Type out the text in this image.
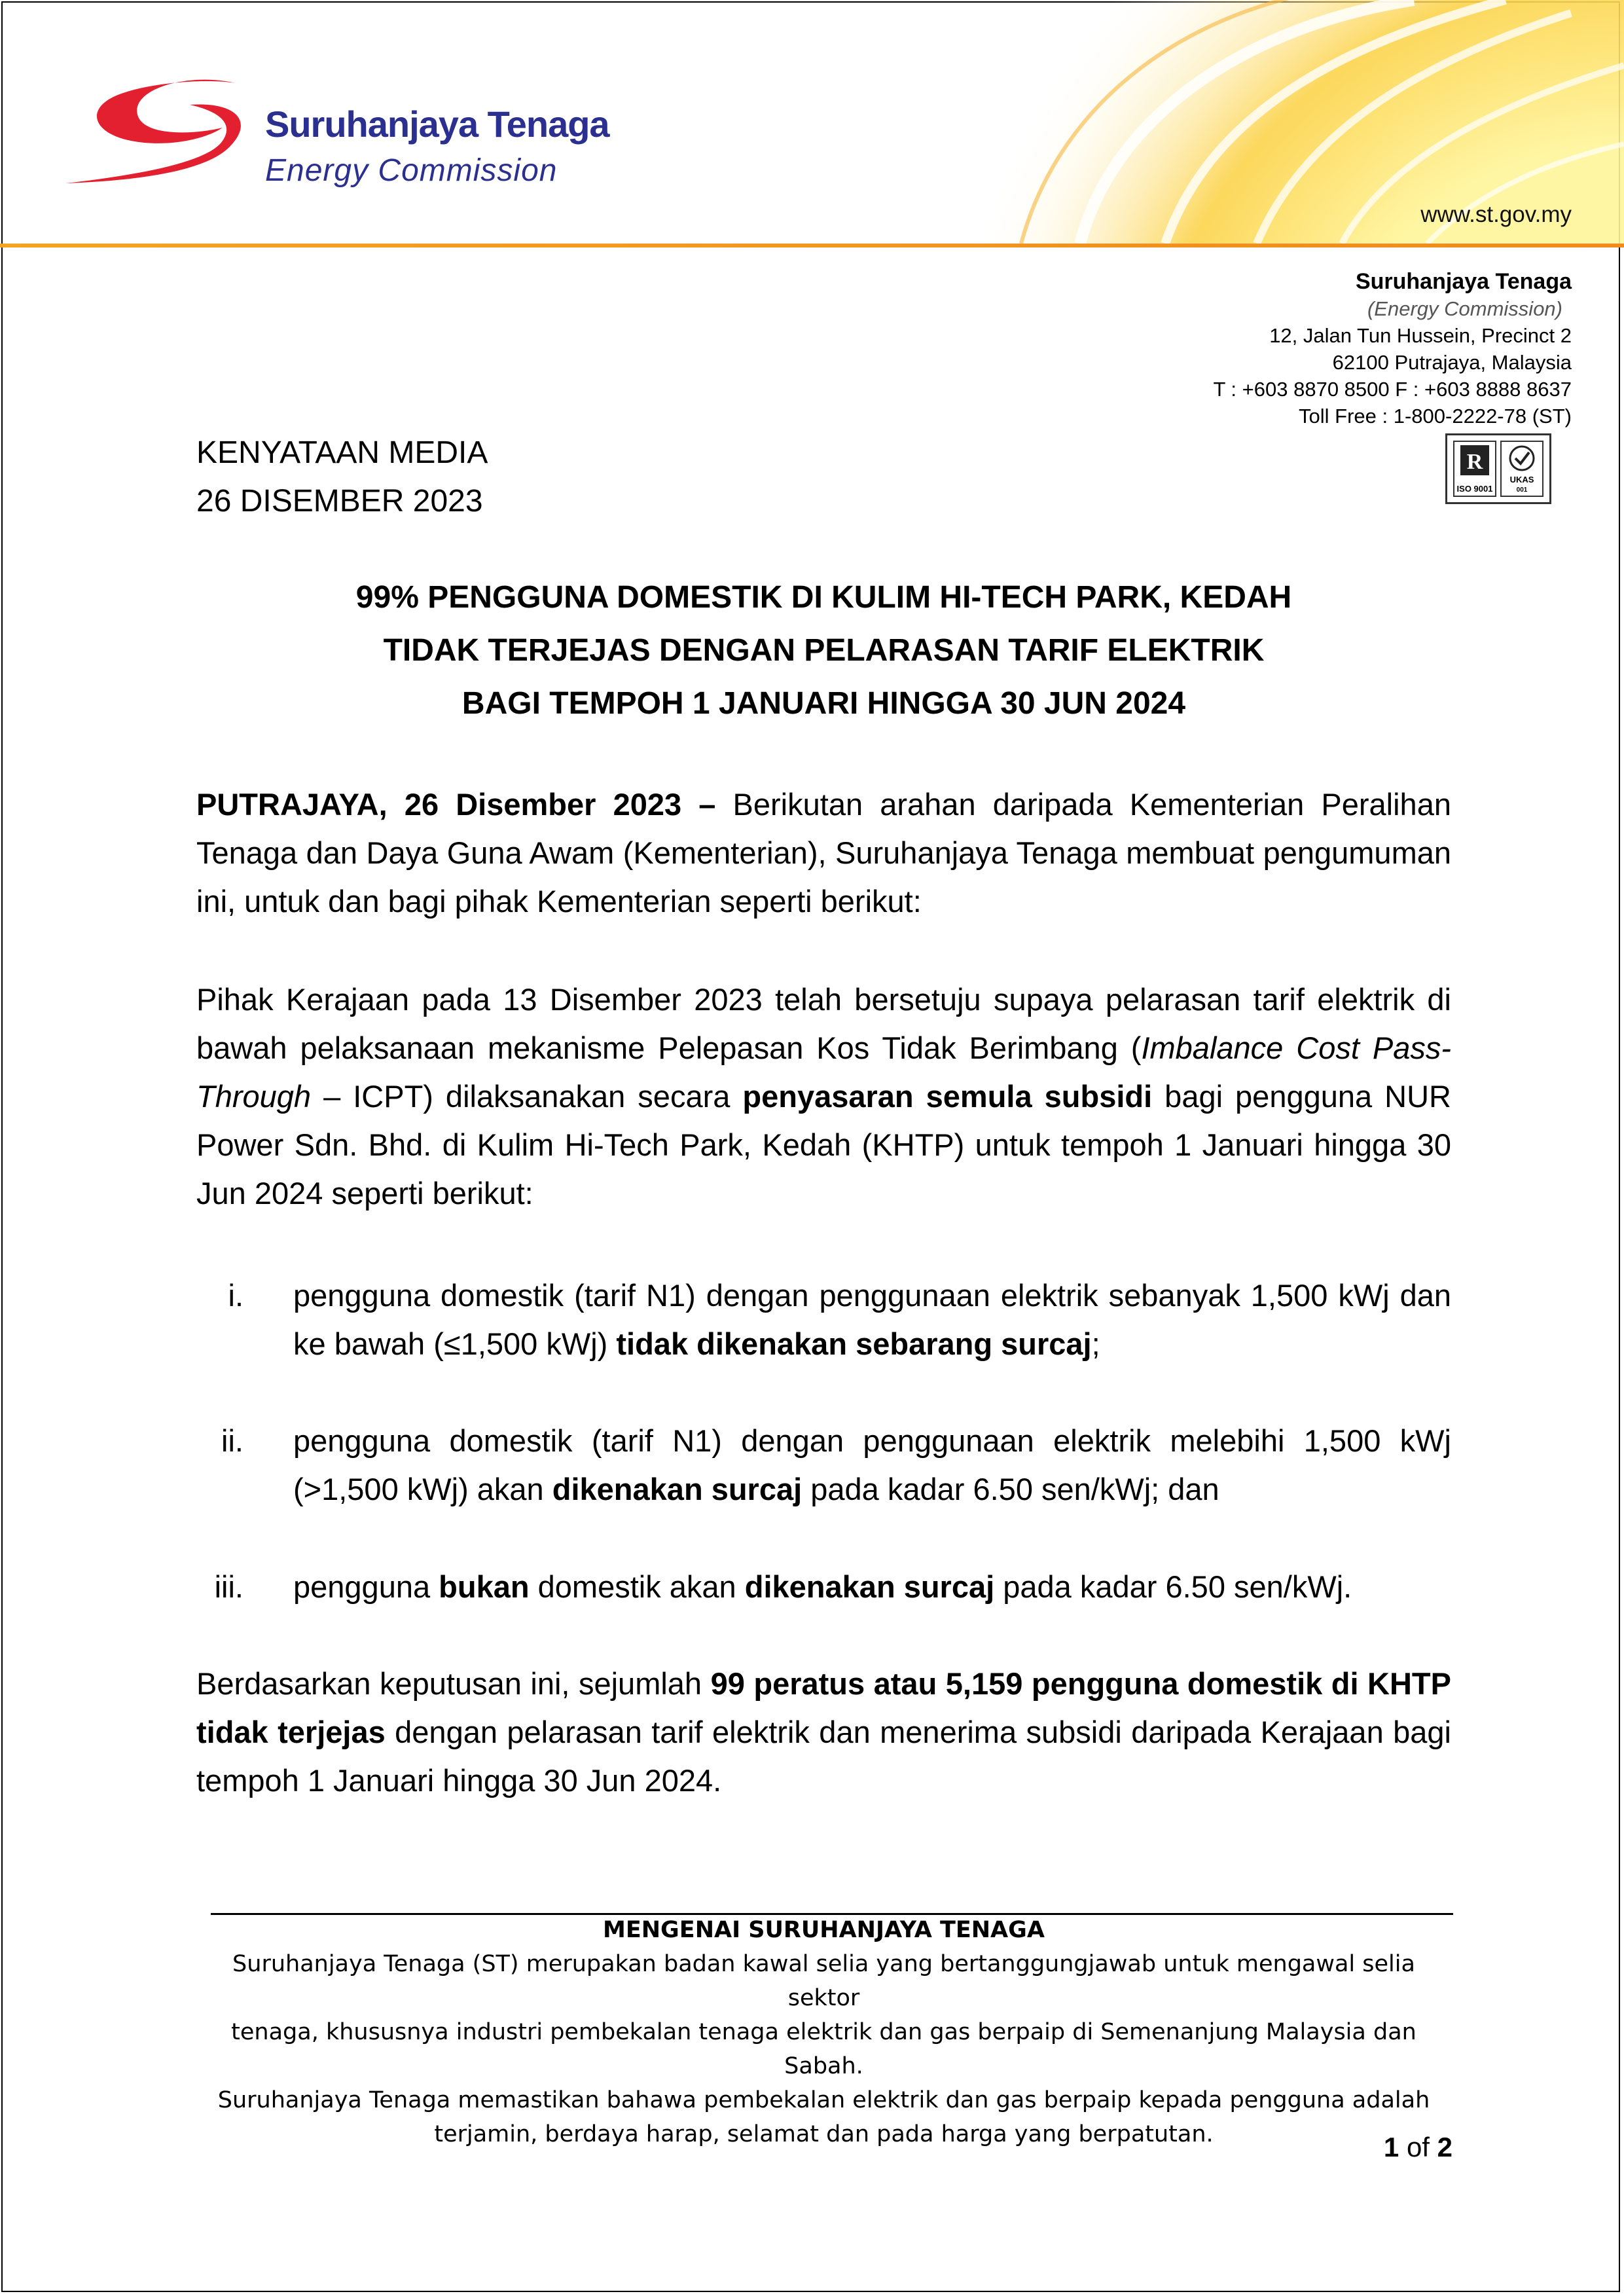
Suruhanjaya Tenaga
Energy Commission
www.st.gov.my
Suruhanjaya Tenaga
(Energy Commission)
12, Jalan Tun Hussein, Precinct 2
62100 Putrajaya, Malaysia
T : +603 8870 8500 F : +603 8888 8637
Toll Free : 1-800-2222-78 (ST)
R
ISO 9001
UKAS
001
KENYATAAN MEDIA
26 DISEMBER 2023
99% PENGGUNA DOMESTIK DI KULIM HI-TECH PARK, KEDAH
TIDAK TERJEJAS DENGAN PELARASAN TARIF ELEKTRIK
BAGI TEMPOH 1 JANUARI HINGGA 30 JUN 2024
PUTRAJAYA, 26 Disember 2023 – Berikutan arahan daripada Kementerian Peralihan Tenaga dan Daya Guna Awam (Kementerian), Suruhanjaya Tenaga membuat pengumuman ini, untuk dan bagi pihak Kementerian seperti berikut:
Pihak Kerajaan pada 13 Disember 2023 telah bersetuju supaya pelarasan tarif elektrik di bawah pelaksanaan mekanisme Pelepasan Kos Tidak Berimbang (Imbalance Cost Pass-Through – ICPT) dilaksanakan secara penyasaran semula subsidi bagi pengguna NUR Power Sdn. Bhd. di Kulim Hi-Tech Park, Kedah (KHTP) untuk tempoh 1 Januari hingga 30 Jun 2024 seperti berikut:
i. pengguna domestik (tarif N1) dengan penggunaan elektrik sebanyak 1,500 kWj dan ke bawah (≤1,500 kWj) tidak dikenakan sebarang surcaj;
ii. pengguna domestik (tarif N1) dengan penggunaan elektrik melebihi 1,500 kWj (>1,500 kWj) akan dikenakan surcaj pada kadar 6.50 sen/kWj; dan
iii. pengguna bukan domestik akan dikenakan surcaj pada kadar 6.50 sen/kWj.
Berdasarkan keputusan ini, sejumlah 99 peratus atau 5,159 pengguna domestik di KHTP tidak terjejas dengan pelarasan tarif elektrik dan menerima subsidi daripada Kerajaan bagi tempoh 1 Januari hingga 30 Jun 2024.
MENGENAI SURUHANJAYA TENAGA
Suruhanjaya Tenaga (ST) merupakan badan kawal selia yang bertanggungjawab untuk mengawal selia sektor
tenaga, khususnya industri pembekalan tenaga elektrik dan gas berpaip di Semenanjung Malaysia dan Sabah.
Suruhanjaya Tenaga memastikan bahawa pembekalan elektrik dan gas berpaip kepada pengguna adalah
terjamin, berdaya harap, selamat dan pada harga yang berpatutan.	1 of 2
